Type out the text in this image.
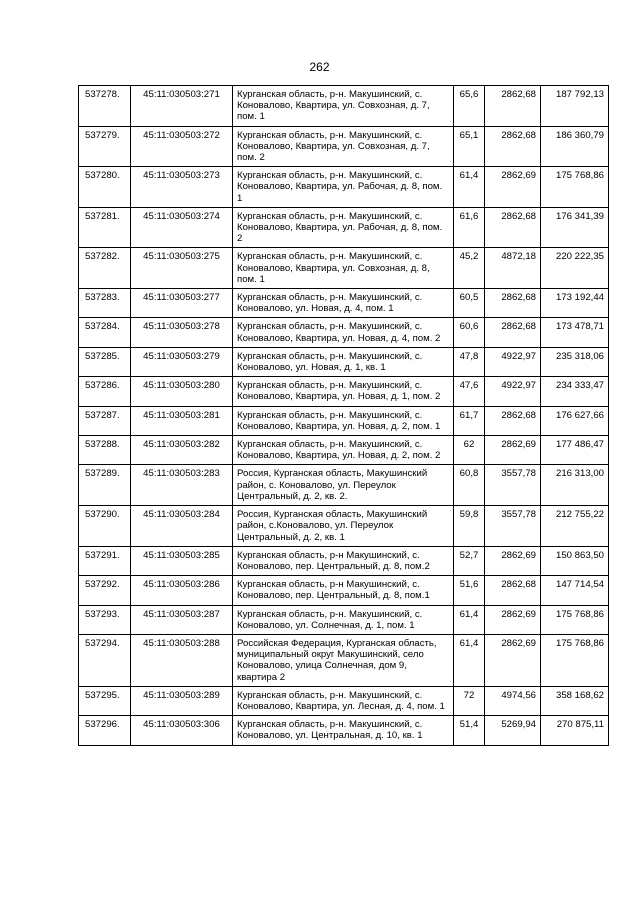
262
537278.	45:11:030503:271	Курганская область, р-н. Макушинский, с. Коновалово, Квартира, ул. Совхозная, д. 7, пом. 1	65,6	2862,68	187 792,13
537279.	45:11:030503:272	Курганская область, р-н. Макушинский, с. Коновалово, Квартира, ул. Совхозная, д. 7, пом. 2	65,1	2862,68	186 360,79
537280.	45:11:030503:273	Курганская область, р-н. Макушинский, с. Коновалово, Квартира, ул. Рабочая, д. 8, пом. 1	61,4	2862,69	175 768,86
537281.	45:11:030503:274	Курганская область, р-н. Макушинский, с. Коновалово, Квартира, ул. Рабочая, д. 8, пом. 2	61,6	2862,68	176 341,39
537282.	45:11:030503:275	Курганская область, р-н. Макушинский, с. Коновалово, Квартира, ул. Совхозная, д. 8, пом. 1	45,2	4872,18	220 222,35
537283.	45:11:030503:277	Курганская область, р-н. Макушинский, с. Коновалово, ул. Новая, д. 4, пом. 1	60,5	2862,68	173 192,44
537284.	45:11:030503:278	Курганская область, р-н. Макушинский, с. Коновалово, Квартира, ул. Новая, д. 4, пом. 2	60,6	2862,68	173 478,71
537285.	45:11:030503:279	Курганская область, р-н. Макушинский, с. Коновалово, ул. Новая, д. 1, кв. 1	47,8	4922,97	235 318,06
537286.	45:11:030503:280	Курганская область, р-н. Макушинский, с. Коновалово, Квартира, ул. Новая, д. 1, пом. 2	47,6	4922,97	234 333,47
537287.	45:11:030503:281	Курганская область, р-н. Макушинский, с. Коновалово, Квартира, ул. Новая, д. 2, пом. 1	61,7	2862,68	176 627,66
537288.	45:11:030503:282	Курганская область, р-н. Макушинский, с. Коновалово, Квартира, ул. Новая, д. 2, пом. 2	62	2862,69	177 486,47
537289.	45:11:030503:283	Россия, Курганская область, Макушинский район, с. Коновалово, ул. Переулок Центральный, д. 2, кв. 2.	60,8	3557,78	216 313,00
537290.	45:11:030503:284	Россия, Курганская область, Макушинский район, с.Коновалово, ул. Переулок Центральный, д. 2, кв. 1	59,8	3557,78	212 755,22
537291.	45:11:030503:285	Курганская область, р-н Макушинский, с. Коновалово, пер. Центральный, д. 8, пом.2	52,7	2862,69	150 863,50
537292.	45:11:030503:286	Курганская область, р-н Макушинский, с. Коновалово, пер. Центральный, д. 8, пом.1	51,6	2862,68	147 714,54
537293.	45:11:030503:287	Курганская область, р-н. Макушинский, с. Коновалово, ул. Солнечная, д. 1, пом. 1	61,4	2862,69	175 768,86
537294.	45:11:030503:288	Российская Федерация, Курганская область, муниципальный округ Макушинский, село Коновалово, улица Солнечная, дом 9, квартира 2	61,4	2862,69	175 768,86
537295.	45:11:030503:289	Курганская область, р-н. Макушинский, с. Коновалово, Квартира, ул. Лесная, д. 4, пом. 1	72	4974,56	358 168,62
537296.	45:11:030503:306	Курганская область, р-н. Макушинский, с. Коновалово, ул. Центральная, д. 10, кв. 1	51,4	5269,94	270 875,11
